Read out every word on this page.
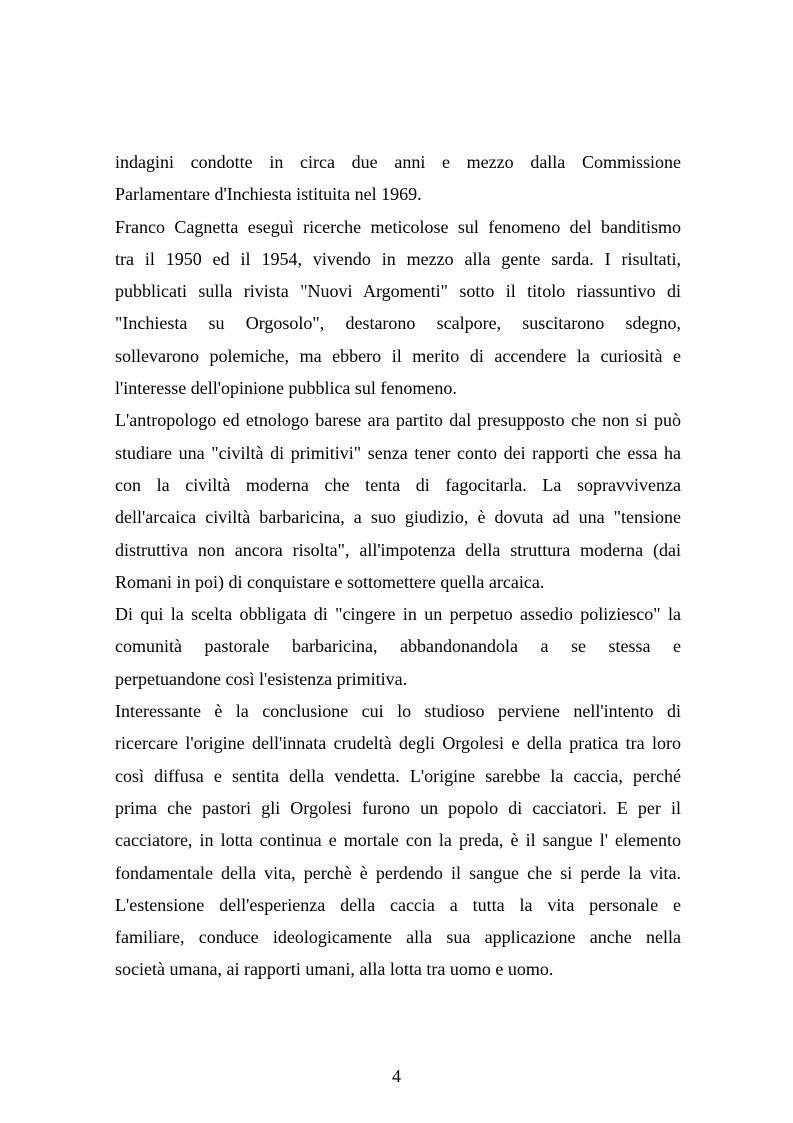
indagini condotte in circa due anni e mezzo dalla Commissione
Parlamentare d'Inchiesta istituita nel 1969.
Franco Cagnetta eseguì ricerche meticolose sul fenomeno del banditismo
tra il 1950 ed il 1954, vivendo in mezzo alla gente sarda. I risultati,
pubblicati sulla rivista "Nuovi Argomenti" sotto il titolo riassuntivo di
"Inchiesta su Orgosolo", destarono scalpore, suscitarono sdegno,
sollevarono polemiche, ma ebbero il merito di accendere la curiosità e
l'interesse dell'opinione pubblica sul fenomeno.
L'antropologo ed etnologo barese ara partito dal presupposto che non si può
studiare una "civiltà di primitivi" senza tener conto dei rapporti che essa ha
con la civiltà moderna che tenta di fagocitarla. La sopravvivenza
dell'arcaica civiltà barbaricina, a suo giudizio, è dovuta ad una "tensione
distruttiva non ancora risolta", all'impotenza della struttura moderna (dai
Romani in poi) di conquistare e sottomettere quella arcaica.
Di qui la scelta obbligata di "cingere in un perpetuo assedio poliziesco" la
comunità pastorale barbaricina, abbandonandola a se stessa e
perpetuandone così l'esistenza primitiva.
Interessante è la conclusione cui lo studioso perviene nell'intento di
ricercare l'origine dell'innata crudeltà degli Orgolesi e della pratica tra loro
così diffusa e sentita della vendetta. L'origine sarebbe la caccia, perché
prima che pastori gli Orgolesi furono un popolo di cacciatori. E per il
cacciatore, in lotta continua e mortale con la preda, è il sangue l' elemento
fondamentale della vita, perchè è perdendo il sangue che si perde la vita.
L'estensione dell'esperienza della caccia a tutta la vita personale e
familiare, conduce ideologicamente alla sua applicazione anche nella
società umana, ai rapporti umani, alla lotta tra uomo e uomo.
4
